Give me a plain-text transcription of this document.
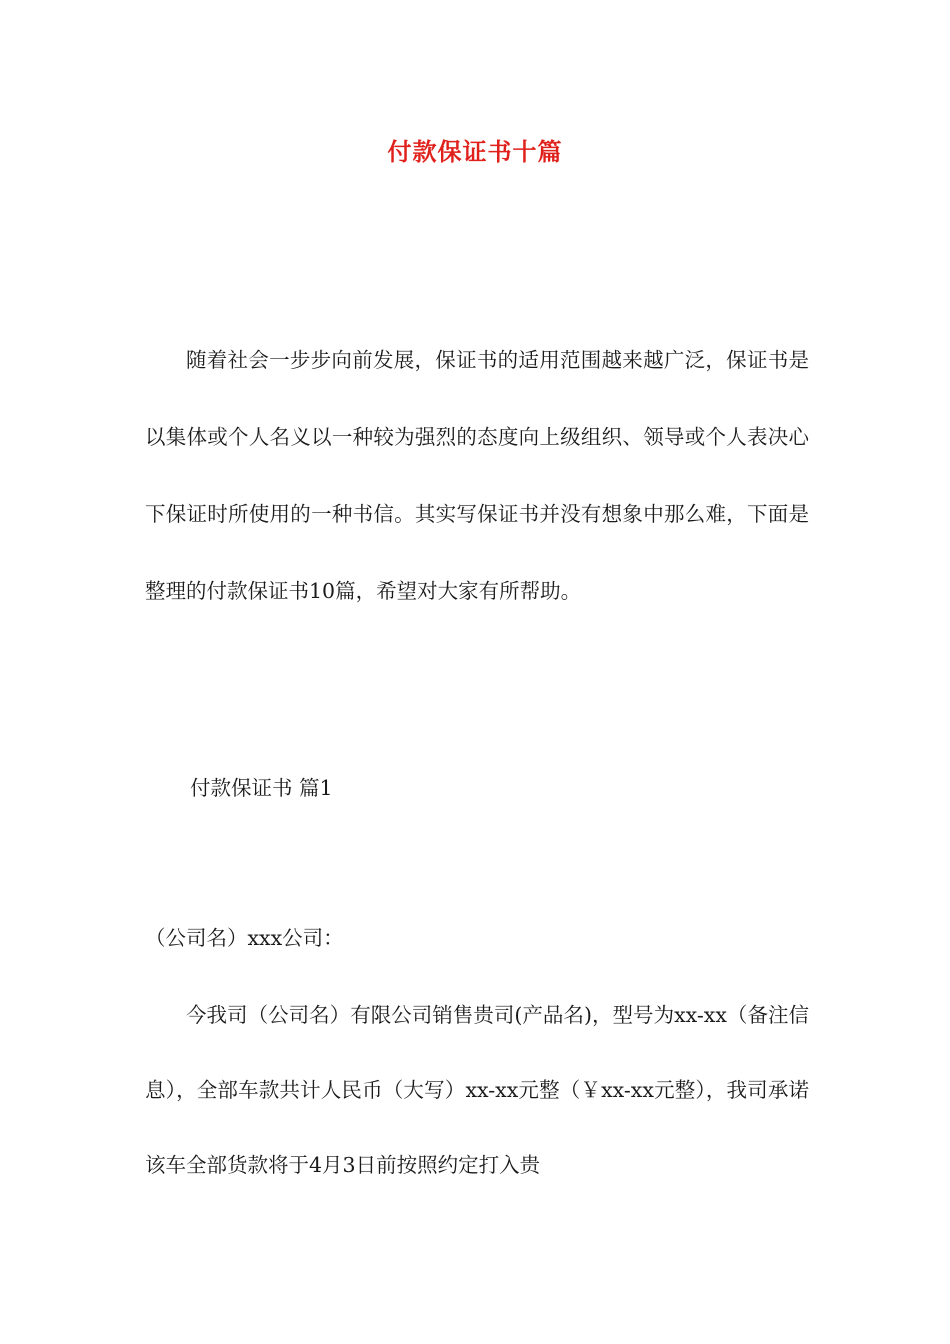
付款保证书十篇

随着社会一步步向前发展，保证书的适用范围越来越广泛，保证书是以集体或个人名义以一种较为强烈的态度向上级组织、领导或个人表决心下保证时所使用的一种书信。其实写保证书并没有想象中那么难，下面是整理的付款保证书10篇，希望对大家有所帮助。

付款保证书 篇1
（公司名）xxx公司：

今我司（公司名）有限公司销售贵司(产品名)，型号为xx-xx（备注信息），全部车款共计人民币（大写）xx-xx元整（￥xx-xx元整），我司承诺该车全部货款将于4月3日前按照约定打入贵
